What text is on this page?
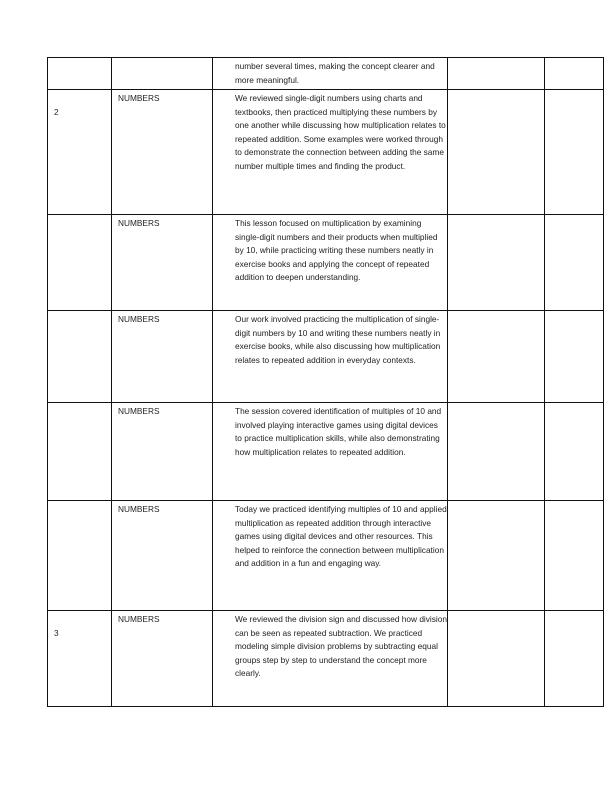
		number several times, making the concept clearer and more meaningful.		

2	NUMBERS	We reviewed single-digit numbers using charts and textbooks, then practiced multiplying these numbers by one another while discussing how multiplication relates to repeated addition. Some examples were worked through to demonstrate the connection between adding the same number multiple times and finding the product.		

	NUMBERS	This lesson focused on multiplication by examining single-digit numbers and their products when multiplied by 10, while practicing writing these numbers neatly in exercise books and applying the concept of repeated addition to deepen understanding.		

	NUMBERS	Our work involved practicing the multiplication of single-digit numbers by 10 and writing these numbers neatly in exercise books, while also discussing how multiplication relates to repeated addition in everyday contexts.		

	NUMBERS	The session covered identification of multiples of 10 and involved playing interactive games using digital devices to practice multiplication skills, while also demonstrating how multiplication relates to repeated addition.		

	NUMBERS	Today we practiced identifying multiples of 10 and applied multiplication as repeated addition through interactive games using digital devices and other resources. This helped to reinforce the connection between multiplication and addition in a fun and engaging way.		

3	NUMBERS	We reviewed the division sign and discussed how division can be seen as repeated subtraction. We practiced modeling simple division problems by subtracting equal groups step by step to understand the concept more clearly.		
